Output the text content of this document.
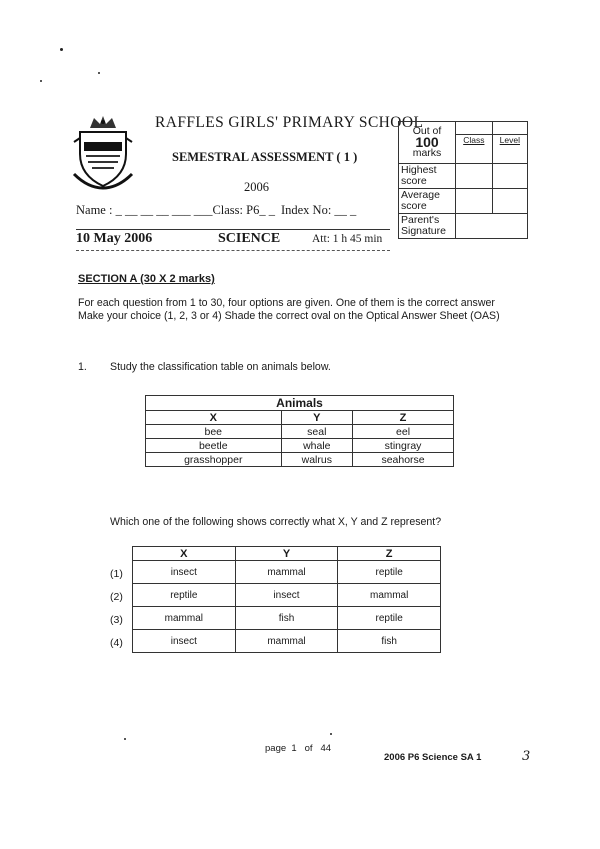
RAFFLES GIRLS' PRIMARY SCHOOL
SEMESTRAL ASSESSMENT ( 1 )
2006
Name : _ __ __ __ ___ ___Class: P6_ _ Index No: __ _
10 May 2006	SCIENCE	Att: 1 h 45 min
Out of
100
marks		

	Class	Level
Highest score		
Average score		
Parent's Signature		
SECTION A (30 X 2 marks)
For each question from 1 to 30, four options are given. One of them is the correct answer
Make your choice (1, 2, 3 or 4) Shade the correct oval on the Optical Answer Sheet (OAS)
1. Study the classification table on animals below.
Animals		
X	Y	Z
bee	seal	eel
beetle	whale	stingray
grasshopper	walrus	seahorse
Which one of the following shows correctly what X, Y and Z represent?
(1)
(2)
(3)
(4)
X	Y	Z
insect	mammal	reptile
reptile	insect	mammal
mammal	fish	reptile
insect	mammal	fish
page 1 of 44
2006 P6 Science SA 1	3
